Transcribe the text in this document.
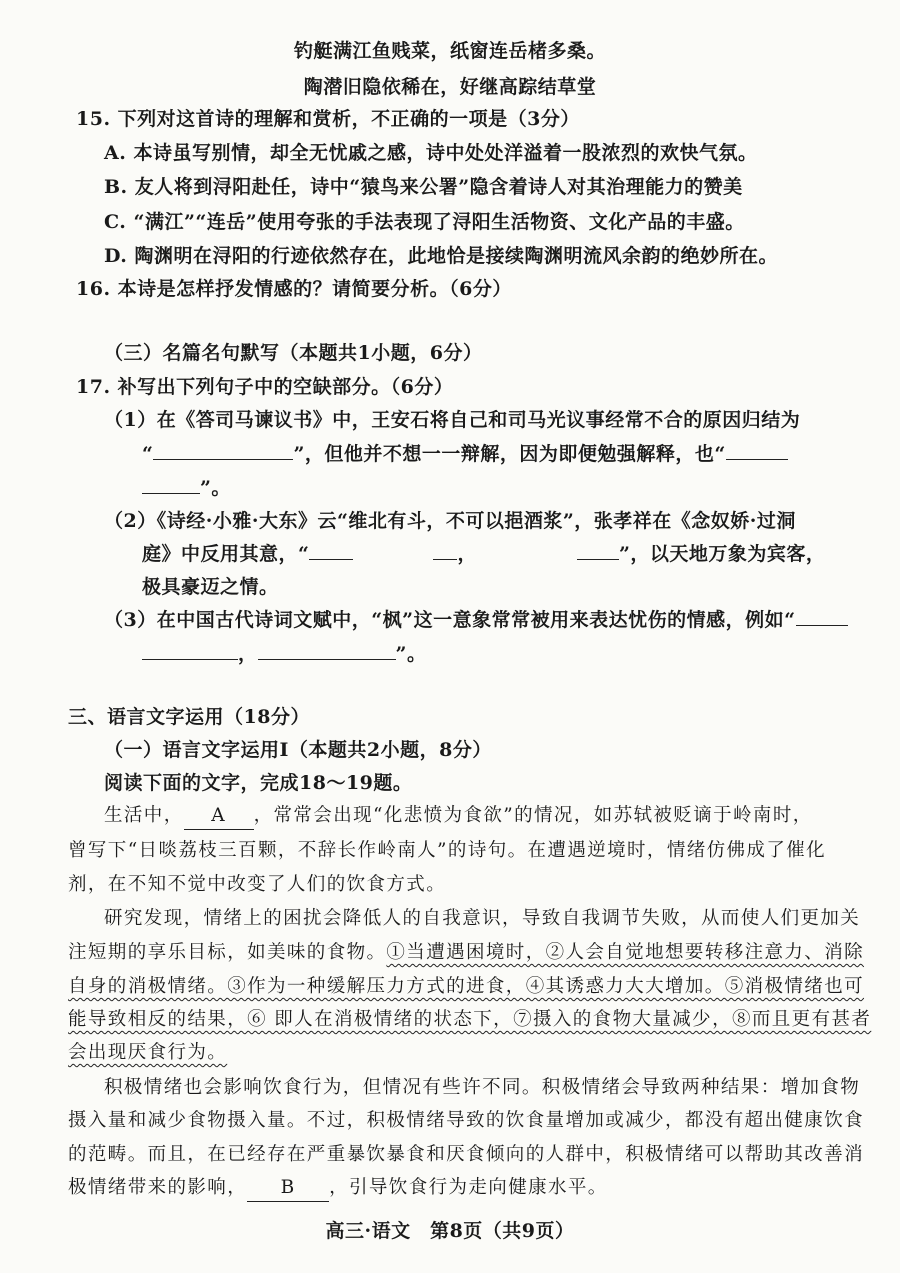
钓艇满江鱼贱菜，纸窗连岳楮多桑。
陶潜旧隐依稀在，好继高踪结草堂
15. 下列对这首诗的理解和赏析，不正确的一项是（3分）
A. 本诗虽写别情，却全无忧戚之感，诗中处处洋溢着一股浓烈的欢快气氛。
B. 友人将到浔阳赴任，诗中“猿鸟来公署”隐含着诗人对其治理能力的赞美
C. “满江”“连岳”使用夸张的手法表现了浔阳生活物资、文化产品的丰盛。
D. 陶渊明在浔阳的行迹依然存在，此地恰是接续陶渊明流风余韵的绝妙所在。
16. 本诗是怎样抒发情感的？请简要分析。（6分）
（三）名篇名句默写（本题共1小题，6分）
17. 补写出下列句子中的空缺部分。（6分）
（1）在《答司马谏议书》中，王安石将自己和司马光议事经常不合的原因归结为
“	”，但他并不想一一辩解，因为即便勉强解释，也“
”。
（2）《诗经·小雅·大东》云“维北有斗，不可以挹酒浆”，张孝祥在《念奴娇·过洞
庭》中反用其意，“	，	”，以天地万象为宾客，
极具豪迈之情。
（3）在中国古代诗词文赋中，“枫”这一意象常常被用来表达忧伤的情感，例如“
，	”。
三、语言文字运用（18分）
（一）语言文字运用Ⅰ（本题共2小题，8分）
阅读下面的文字，完成18～19题。
生活中， A ，常常会出现“化悲愤为食欲”的情况，如苏轼被贬谪于岭南时，
曾写下“日啖荔枝三百颗，不辞长作岭南人”的诗句。在遭遇逆境时，情绪仿佛成了催化
剂，在不知不觉中改变了人们的饮食方式。
研究发现，情绪上的困扰会降低人的自我意识，导致自我调节失败，从而使人们更加关
注短期的享乐目标，如美味的食物。①当遭遇困境时，②人会自觉地想要转移注意力、消除
自身的消极情绪。③作为一种缓解压力方式的进食，④其诱惑力大大增加。⑤消极情绪也可
能导致相反的结果，⑥ 即人在消极情绪的状态下，⑦摄入的食物大量减少，⑧而且更有甚者
会出现厌食行为。
积极情绪也会影响饮食行为，但情况有些许不同。积极情绪会导致两种结果：增加食物
摄入量和减少食物摄入量。不过，积极情绪导致的饮食量增加或减少，都没有超出健康饮食
的范畴。而且，在已经存在严重暴饮暴食和厌食倾向的人群中，积极情绪可以帮助其改善消
极情绪带来的影响， B ，引导饮食行为走向健康水平。
高三·语文　第8页（共9页）
